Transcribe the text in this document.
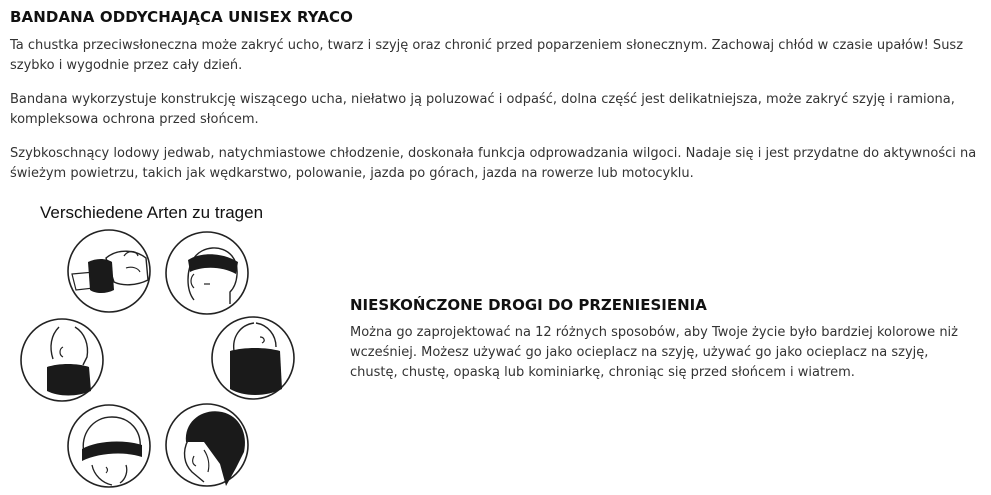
BANDANA ODDYCHAJĄCA UNISEX RYACO

Ta chustka przeciwsłoneczna może zakryć ucho, twarz i szyję oraz chronić przed poparzeniem słonecznym. Zachowaj chłód w czasie upałów! Susz szybko i wygodnie przez cały dzień.

Bandana wykorzystuje konstrukcję wiszącego ucha, niełatwo ją poluzować i odpaść, dolna część jest delikatniejsza, może zakryć szyję i ramiona, kompleksowa ochrona przed słońcem.

Szybkoschnący lodowy jedwab, natychmiastowe chłodzenie, doskonała funkcja odprowadzania wilgoci. Nadaje się i jest przydatne do aktywności na świeżym powietrzu, takich jak wędkarstwo, polowanie, jazda po górach, jazda na rowerze lub motocyklu.

Verschiedene Arten zu tragen

NIESKOŃCZONE DROGI DO PRZENIESIENIA

Można go zaprojektować na 12 różnych sposobów, aby Twoje życie było bardziej kolorowe niż wcześniej. Możesz używać go jako ocieplacz na szyję, używać go jako ocieplacz na szyję, chustę, chustę, opaską lub kominiarkę, chroniąc się przed słońcem i wiatrem.
